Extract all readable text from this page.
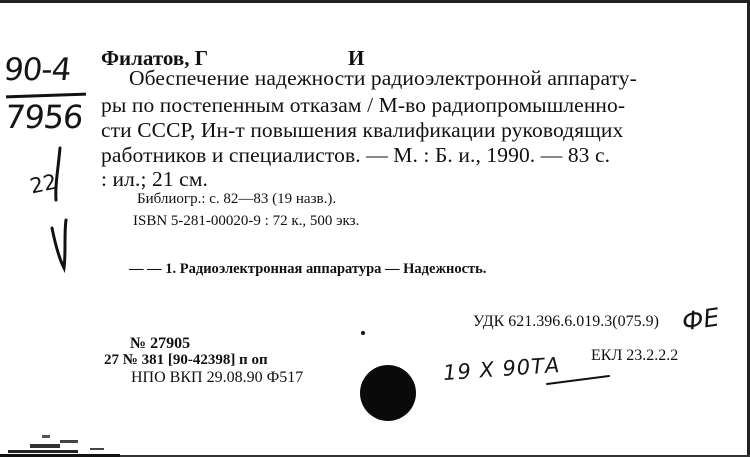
90-4
7956
22
Филатов, Г	И
Обеспечение надежности радиоэлектронной аппарату-
ры по постепенным отказам / М-во радиопромышленно-
сти СССР, Ин-т повышения квалификации руководящих
работников и специалистов. — М. : Б. и., 1990. — 83 с.
: ил.; 21 см.
Библиогр.: с. 82—83 (19 назв.).
ISBN 5-281-00020-9 : 72 к., 500 экз.
— — 1. Радиоэлектронная аппаратура — Надежность.
УДК 621.396.6.019.3(075.9)
ЕКЛ 23.2.2.2
№ 27905
27 № 381 [90-42398] п оп
НПО ВКП 29.08.90 Ф517	19 X 90ТА
ФЕ
